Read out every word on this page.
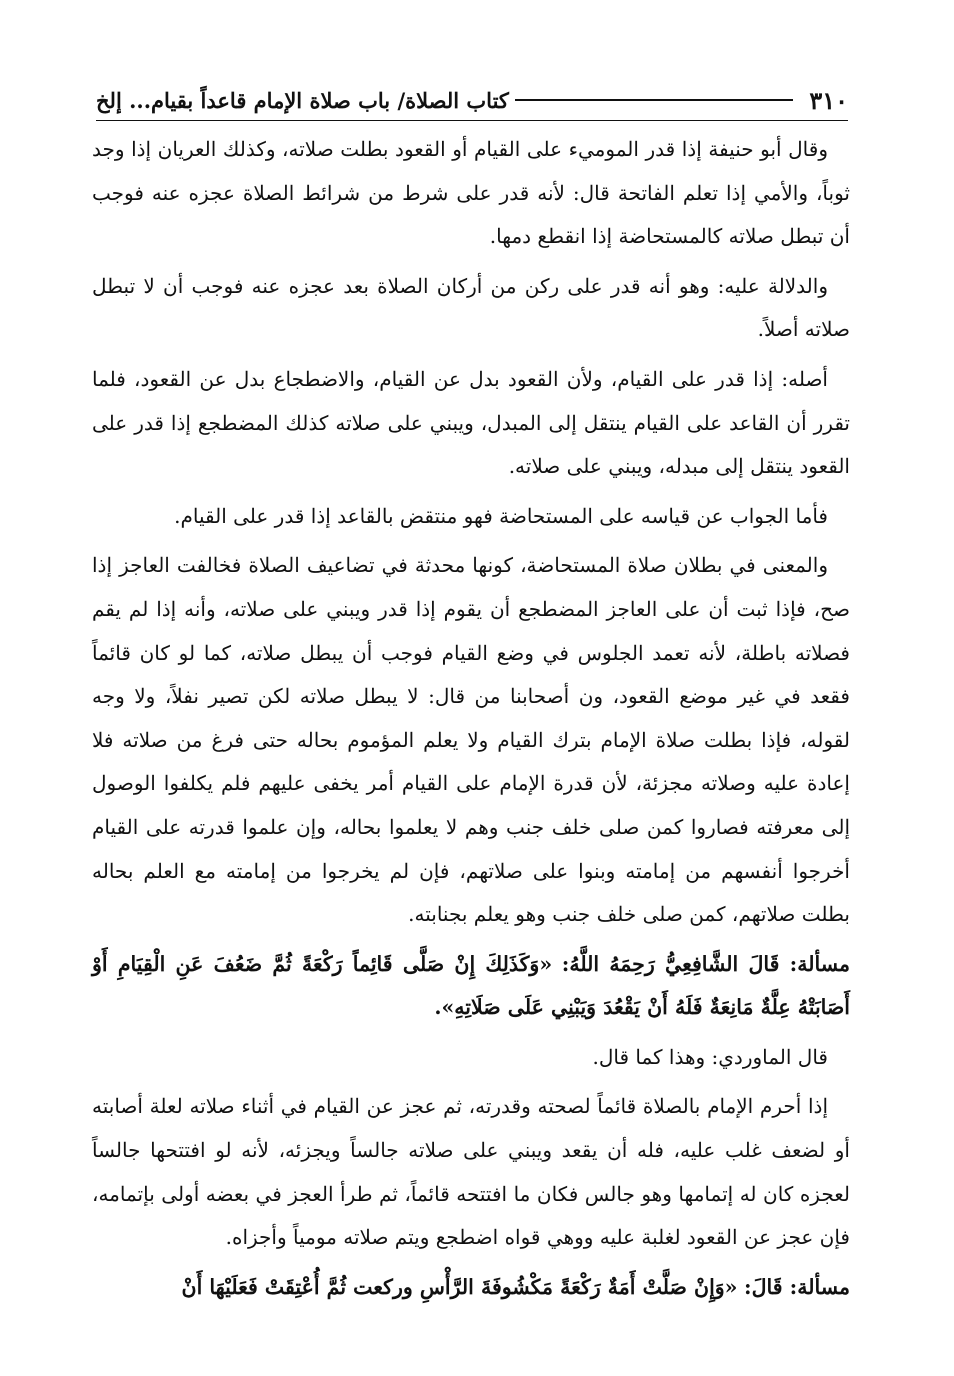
٣١٠
كتاب الصلاة/ باب صلاة الإمام قاعداً بقيام... إلخ

وقال أبو حنيفة إذا قدر الموميء على القيام أو القعود بطلت صلاته، وكذلك العريان إذا وجد ثوباً، والأمي إذا تعلم الفاتحة قال: لأنه قدر على شرط من شرائط الصلاة عجزه عنه فوجب أن تبطل صلاته كالمستحاضة إذا انقطع دمها.

والدلالة عليه: وهو أنه قدر على ركن من أركان الصلاة بعد عجزه عنه فوجب أن لا تبطل صلاته أصلاً.

أصله: إذا قدر على القيام، ولأن القعود بدل عن القيام، والاضطجاع بدل عن القعود، فلما تقرر أن القاعد على القيام ينتقل إلى المبدل، ويبني على صلاته كذلك المضطجع إذا قدر على القعود ينتقل إلى مبدله، ويبني على صلاته.

فأما الجواب عن قياسه على المستحاضة فهو منتقض بالقاعد إذا قدر على القيام.

والمعنى في بطلان صلاة المستحاضة، كونها محدثة في تضاعيف الصلاة فخالفت العاجز إذا صح، فإذا ثبت أن على العاجز المضطجع أن يقوم إذا قدر ويبني على صلاته، وأنه إذا لم يقم فصلاته باطلة، لأنه تعمد الجلوس في وضع القيام فوجب أن يبطل صلاته، كما لو كان قائماً فقعد في غير موضع القعود، ون أصحابنا من قال: لا يبطل صلاته لكن تصير نفلاً، ولا وجه لقوله، فإذا بطلت صلاة الإمام بترك القيام ولا يعلم المؤموم بحاله حتى فرغ من صلاته فلا إعادة عليه وصلاته مجزئة، لأن قدرة الإمام على القيام أمر يخفى عليهم فلم يكلفوا الوصول إلى معرفته فصاروا كمن صلى خلف جنب وهم لا يعلموا بحاله، وإن علموا قدرته على القيام أخرجوا أنفسهم من إمامته وبنوا على صلاتهم، فإن لم يخرجوا من إمامته مع العلم بحاله بطلت صلاتهم، كمن صلى خلف جنب وهو يعلم بجنابته.

مسألة: قَالَ الشَّافِعِيُّ رَحِمَهُ اللَّهُ: «وَكَذَلِكَ إِنْ صَلَّى قَائِماً رَكْعَةً ثُمَّ ضَعُفَ عَنِ الْقِيَامِ أَوْ أَصَابَتْهُ عِلَّةٌ مَانِعَةٌ فَلَهُ أَنْ يَقْعُدَ وَيَبْنِي عَلَى صَلَاتِهِ».

قال الماوردي: وهذا كما قال.

إذا أحرم الإمام بالصلاة قائماً لصحته وقدرته، ثم عجز عن القيام في أثناء صلاته لعلة أصابته أو لضعف غلب عليه، فله أن يقعد ويبني على صلاته جالساً ويجزئه، لأنه لو افتتحها جالساً لعجزه كان له إتمامها وهو جالس فكان ما افتتحه قائماً، ثم طرأ العجز في بعضه أولى بإتمامه، فإن عجز عن القعود لغلبة عليه ووهي قواه اضطجع ويتم صلاته مومياً وأجزاه.

مسألة: قَالَ: «وَإِنْ صَلَّتْ أَمَةٌ رَكْعَةً مَكْشُوفَةَ الرَّأْسِ وركعت ثُمَّ أُعْتِقَتْ فَعَلَيْهَا أَنْ
